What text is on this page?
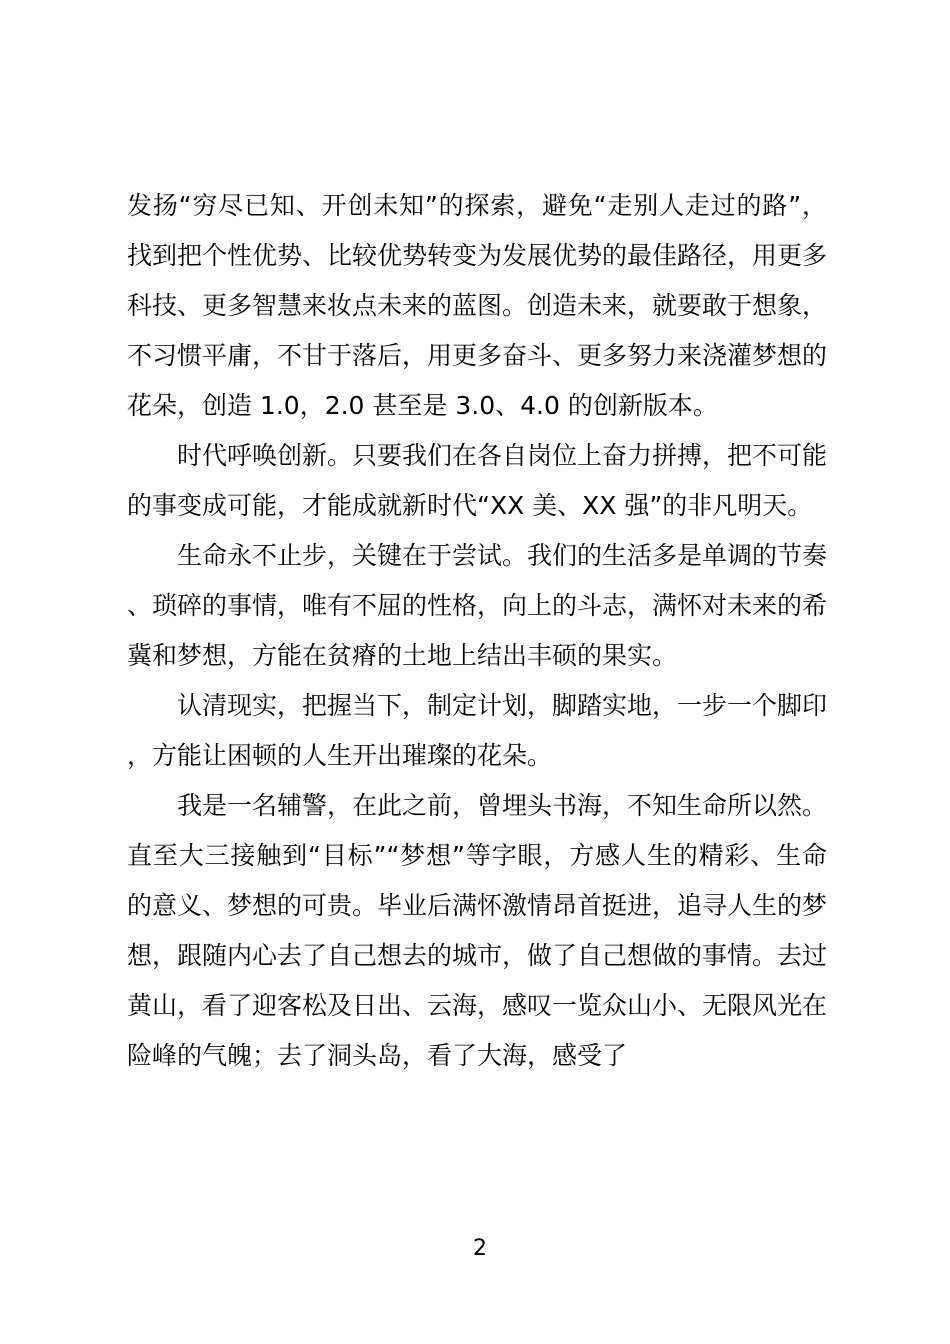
发扬“穷尽已知、开创未知”的探索，避免“走别人走过的路”，找到把个性优势、比较优势转变为发展优势的最佳路径，用更多科技、更多智慧来妆点未来的蓝图。创造未来，就要敢于想象，不习惯平庸，不甘于落后，用更多奋斗、更多努力来浇灌梦想的花朵，创造 1.0，2.0 甚至是 3.0、4.0 的创新版本。

时代呼唤创新。只要我们在各自岗位上奋力拼搏，把不可能的事变成可能，才能成就新时代“XX 美、XX 强”的非凡明天。

生命永不止步，关键在于尝试。我们的生活多是单调的节奏、琐碎的事情，唯有不屈的性格，向上的斗志，满怀对未来的希冀和梦想，方能在贫瘠的土地上结出丰硕的果实。

认清现实，把握当下，制定计划，脚踏实地，一步一个脚印，方能让困顿的人生开出璀璨的花朵。

我是一名辅警，在此之前，曾埋头书海，不知生命所以然。直至大三接触到“目标”“梦想”等字眼，方感人生的精彩、生命的意义、梦想的可贵。毕业后满怀激情昂首挺进，追寻人生的梦想，跟随内心去了自己想去的城市，做了自己想做的事情。去过黄山，看了迎客松及日出、云海，感叹一览众山小、无限风光在险峰的气魄；去了洞头岛，看了大海，感受了

2
